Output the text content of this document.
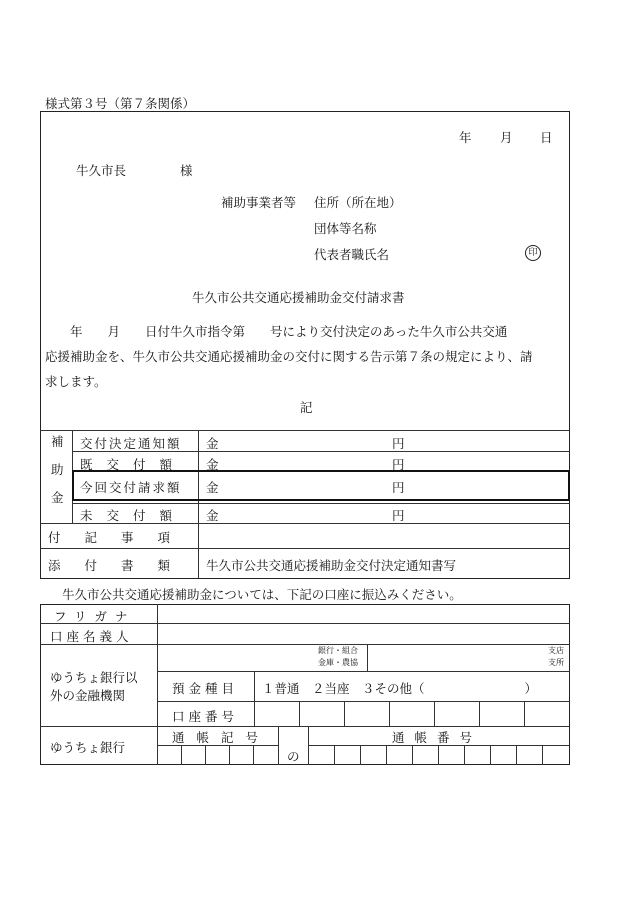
様式第３号（第７条関係）
年 月 日
牛久市長	様
補助事業者等 住所（所在地）
団体等名称
代表者職氏名	印
牛久市公共交通応援補助金交付請求書
　　年　　月　　日付牛久市指令第　　号により交付決定のあった牛久市公共交通
応援補助金を、牛久市公共交通応援補助金の交付に関する告示第７条の規定により、請
求します。
記
補
助
金
交付決定通知額 金	円
既交付額 金	円
今回交付請求額 金	円
未交付額 金	円
付記事項
添付書類 牛久市公共交通応援補助金交付決定通知書写
牛久市公共交通応援補助金については、下記の口座に振込みください。
フリガナ
口座名義人
ゆうちょ銀行以
外の金融機関
銀行・組合
金庫・農協
支店
支所
預金種目 １普通　２当座　３その他（　　　　　　　　）
口座番号
ゆうちょ銀行
通帳記号
の
通帳番号
